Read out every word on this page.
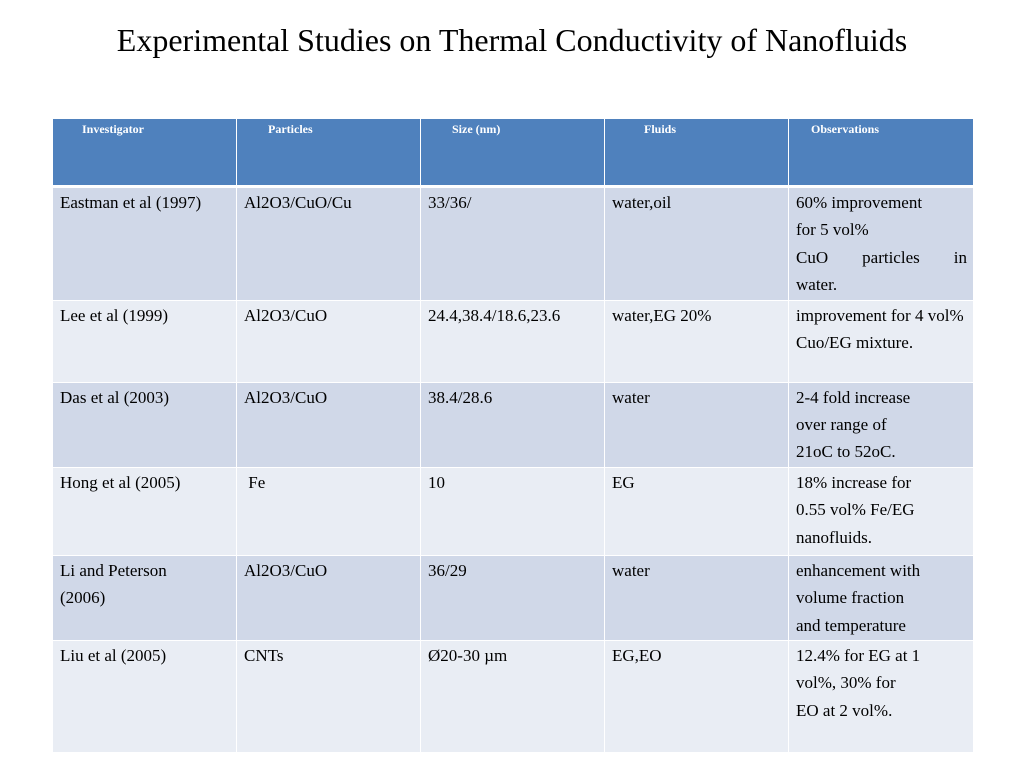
Experimental Studies on Thermal Conductivity of Nanofluids
Investigator	Particles	Size (nm)	Fluids	Observations

Eastman et al (1997)	Al2O3/CuO/Cu	33/36/	water,oil	60% improvement for 5 vol%
CuO particles in
water.

Lee et al (1999)	Al2O3/CuO	24.4,38.4/18.6,23.6	water,EG 20%	improvement for 4 vol%
Cuo/EG mixture.

Das et al (2003)	Al2O3/CuO	38.4/28.6	water	2-4 fold increase over range of
21oC to 52oC.

Hong et al (2005)	Fe	10	EG	18% increase for 0.55 vol% Fe/EG
nanofluids.

Li and Peterson (2006)	Al2O3/CuO	36/29	water	enhancement with volume fraction
and temperature

Liu et al (2005)	CNTs	Ø20-30 µm	EG,EO	12.4% for EG at 1 vol%, 30% for
EO at 2 vol%.
